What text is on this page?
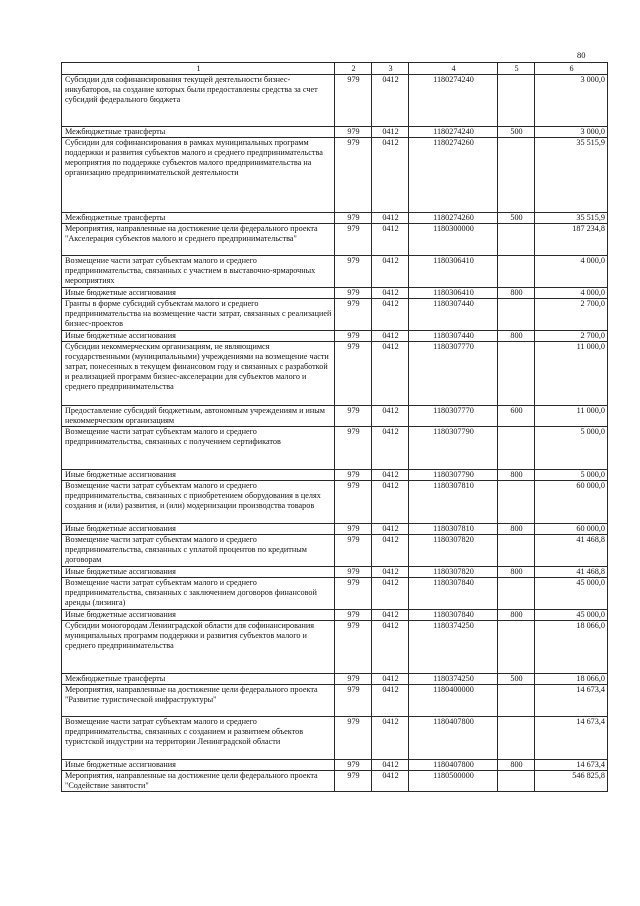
80
1	2	3	4	5	6
Субсидии для софинансирования текущей деятельности бизнес-инкубаторов, на создание которых были предоставлены средства за счет субсидий федерального бюджета	979	0412	1180274240		3 000,0
Межбюджетные трансферты	979	0412	1180274240	500	3 000,0
Субсидии для софинансирования в рамках муниципальных программ поддержки и развития субъектов малого и среднего предпринимательства мероприятия по поддержке субъектов малого предпринимательства на организацию предпринимательской деятельности	979	0412	1180274260		35 515,9
Межбюджетные трансферты	979	0412	1180274260	500	35 515,9
Мероприятия, направленные на достижение цели федерального проекта "Акселерация субъектов малого и среднего предпринимательства"	979	0412	1180300000		187 234,8
Возмещение части затрат субъектам малого и среднего предпринимательства, связанных с участием в выставочно-ярмарочных мероприятиях	979	0412	1180306410		4 000,0
Иные бюджетные ассигнования	979	0412	1180306410	800	4 000,0
Гранты в форме субсидий субъектам малого и среднего предпринимательства на возмещение части затрат, связанных с реализацией бизнес-проектов	979	0412	1180307440		2 700,0
Иные бюджетные ассигнования	979	0412	1180307440	800	2 700,0
Субсидии некоммерческим организациям, не являющимся государственными (муниципальными) учреждениями на возмещение части затрат, понесенных в текущем финансовом году и связанных с разработкой и реализацией программ бизнес-акселерации для субъектов малого и среднего предпринимательства	979	0412	1180307770		11 000,0
Предоставление субсидий бюджетным, автономным учреждениям и иным некоммерческим организациям	979	0412	1180307770	600	11 000,0
Возмещение части затрат субъектам малого и среднего предпринимательства, связанных с получением сертификатов	979	0412	1180307790		5 000,0
Иные бюджетные ассигнования	979	0412	1180307790	800	5 000,0
Возмещение части затрат субъектам малого и среднего предпринимательства, связанных с приобретением оборудования в целях создания и (или) развития, и (или) модернизации производства товаров	979	0412	1180307810		60 000,0
Иные бюджетные ассигнования	979	0412	1180307810	800	60 000,0
Возмещение части затрат субъектам малого и среднего предпринимательства, связанных с уплатой процентов по кредитным договорам	979	0412	1180307820		41 468,8
Иные бюджетные ассигнования	979	0412	1180307820	800	41 468,8
Возмещение части затрат субъектам малого и среднего предпринимательства, связанных с заключением договоров финансовой аренды (лизинга)	979	0412	1180307840		45 000,0
Иные бюджетные ассигнования	979	0412	1180307840	800	45 000,0
Субсидии моногородам Ленинградской области для софинансирования муниципальных программ поддержки и развития субъектов малого и среднего предпринимательства	979	0412	1180374250		18 066,0
Межбюджетные трансферты	979	0412	1180374250	500	18 066,0
Мероприятия, направленные на достижение цели федерального проекта "Развитие туристической инфраструктуры"	979	0412	1180400000		14 673,4
Возмещение части затрат субъектам малого и среднего предпринимательства, связанных с созданием и развитием объектов туристской индустрии на территории Ленинградской области	979	0412	1180407800		14 673,4
Иные бюджетные ассигнования	979	0412	1180407800	800	14 673,4
Мероприятия, направленные на достижение цели федерального проекта "Содействие занятости"	979	0412	1180500000		546 825,8
